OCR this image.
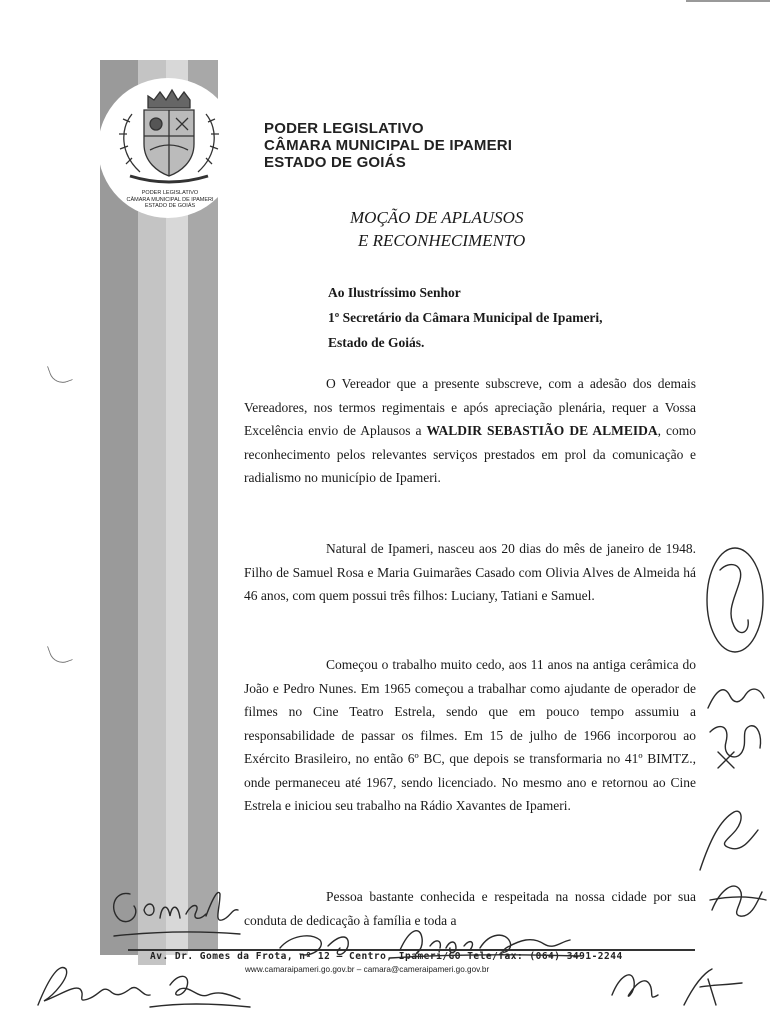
PODER LEGISLATIVO
CÂMARA MUNICIPAL DE IPAMERI
ESTADO DE GOIÁS
PODER LEGISLATIVO
CÂMARA MUNICIPAL DE IPAMERI
ESTADO DE GOIÁS
MOÇÃO DE APLAUSOS
E RECONHECIMENTO
Ao Ilustríssimo Senhor
1º Secretário da Câmara Municipal de Ipameri,
Estado de Goiás.

O Vereador que a presente subscreve, com a adesão dos demais Vereadores, nos termos regimentais e após apreciação plenária, requer a Vossa Excelência envio de Aplausos a WALDIR SEBASTIÃO DE ALMEIDA, como reconhecimento pelos relevantes serviços prestados em prol da comunicação e radialismo no município de Ipameri.

Natural de Ipameri, nasceu aos 20 dias do mês de janeiro de 1948. Filho de Samuel Rosa e Maria Guimarães Casado com Olivia Alves de Almeida há 46 anos, com quem possui três filhos: Luciany, Tatiani e Samuel.

Começou o trabalho muito cedo, aos 11 anos na antiga cerâmica do João e Pedro Nunes. Em 1965 começou a trabalhar como ajudante de operador de filmes no Cine Teatro Estrela, sendo que em pouco tempo assumiu a responsabilidade de passar os filmes. Em 15 de julho de 1966 incorporou ao Exército Brasileiro, no então 6º BC, que depois se transformaria no 41º BIMTZ., onde permaneceu até 1967, sendo licenciado. No mesmo ano e retornou ao Cine Estrela e iniciou seu trabalho na Rádio Xavantes de Ipameri.

Pessoa bastante conhecida e respeitada na nossa cidade por sua conduta de dedicação à família e toda a

Av. Dr. Gomes da Frota, nº 12 – Centro, Ipameri/GO Tele/fax: (064) 3491-2244
www.camaraipameri.go.gov.br – camara@cameraipameri.go.gov.br
